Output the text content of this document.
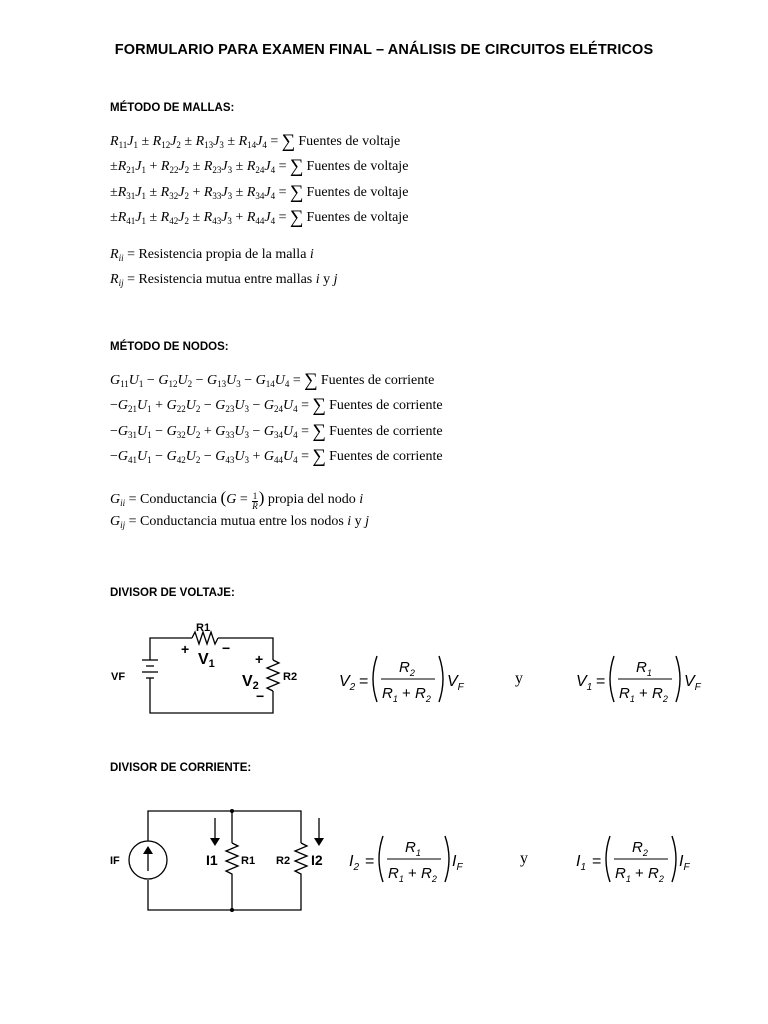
FORMULARIO PARA EXAMEN FINAL – ANÁLISIS DE CIRCUITOS ELÉTRICOS
MÉTODO DE MALLAS:
$R_{11}J_1 \pm R_{12}J_2 \pm R_{13}J_3 \pm R_{14}J_4$ = ∑ Fuentes de voltaje
$\pm R_{21}J_1 + R_{22}J_2 \pm R_{23}J_3 \pm R_{24}J_4$ = ∑ Fuentes de voltaje
$\pm R_{31}J_1 \pm R_{32}J_2 + R_{33}J_3 \pm R_{34}J_4$ = ∑ Fuentes de voltaje
$\pm R_{41}J_1 \pm R_{42}J_2 \pm R_{43}J_3 + R_{44}J_4$ = ∑ Fuentes de voltaje
$R_{ii}$ = Resistencia propia de la malla i
$R_{ij}$ = Resistencia mutua entre mallas i y j
MÉTODO DE NODOS:
$G_{11}U_1 - G_{12}U_2 - G_{13}U_3 - G_{14}U_4$ = ∑ Fuentes de corriente
$-G_{21}U_1 + G_{22}U_2 - G_{23}U_3 - G_{24}U_4$ = ∑ Fuentes de corriente
$-G_{31}U_1 - G_{32}U_2 + G_{33}U_3 - G_{34}U_4$ = ∑ Fuentes de corriente
$-G_{41}U_1 - G_{42}U_2 - G_{43}U_3 + G_{44}U_4$ = ∑ Fuentes de corriente
$G_{ii}$ = Conductancia ($G = \frac{1}{R}$ ) propia del nodo i
$G_{ij}$ = Conductancia mutua entre los nodos i y j
DIVISOR DE VOLTAJE:
R1
R2
VF
+ −
V1	+
V2
−
$V_2$ =
$R_2$
$R_1 + R_2$
$V_F$
y	$V_1$ =
$R_1$
$R_1 + R_2$
$V_F$
DIVISOR DE CORRIENTE:
IF	I1 R1 R2 I2 $I_2$ =
$R_1$
$R_1 + R_2$
$I_F$
y	$I_1$ =
$R_2$
$R_1 + R_2$
$I_F$
